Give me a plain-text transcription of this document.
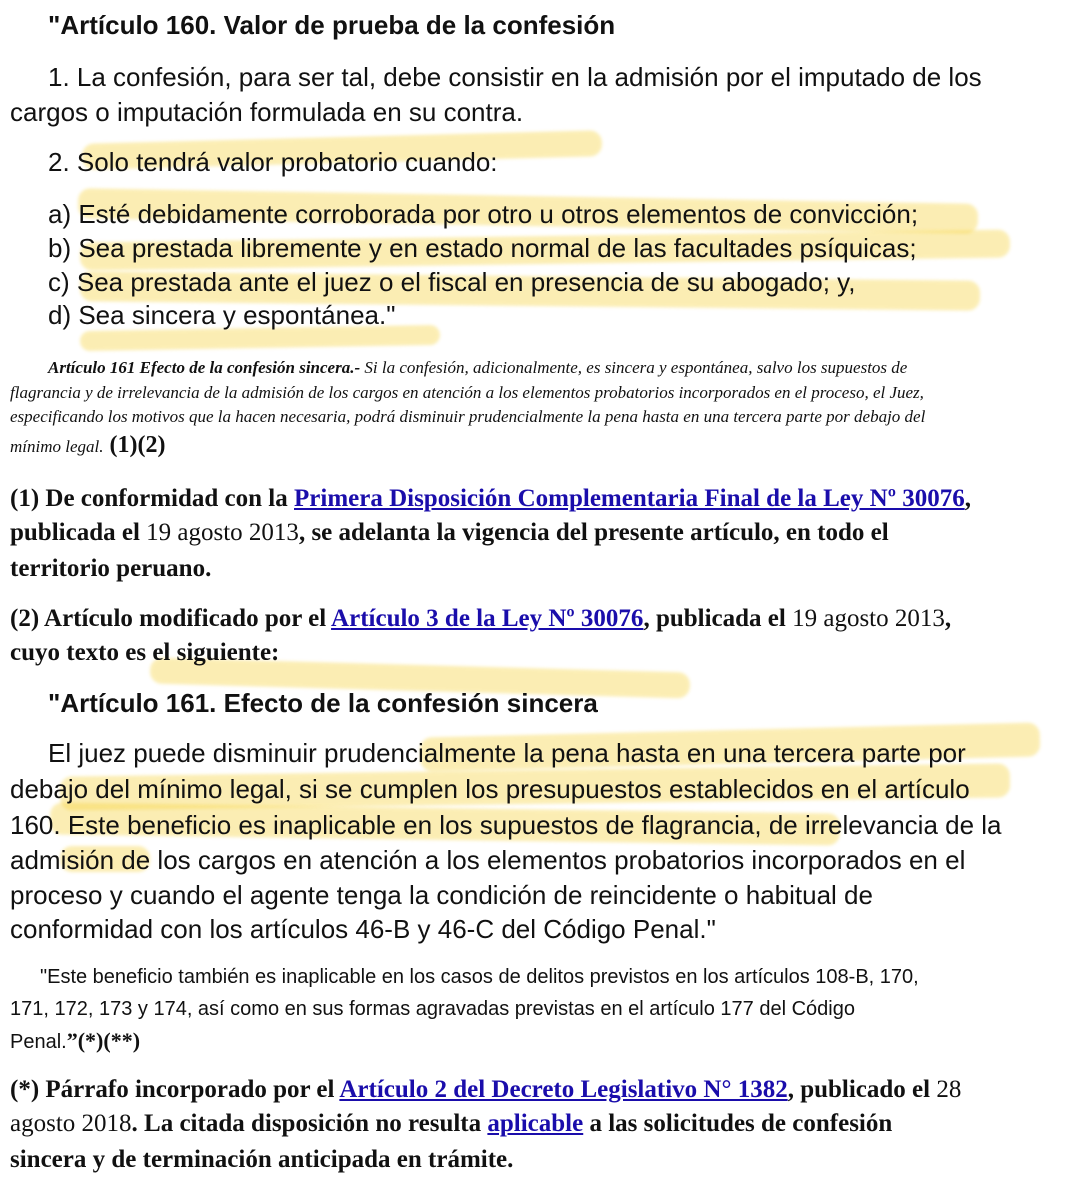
"Artículo 160. Valor de prueba de la confesión
1. La confesión, para ser tal, debe consistir en la admisión por el imputado de los
cargos o imputación formulada en su contra.
2. Solo tendrá valor probatorio cuando:
a) Esté debidamente corroborada por otro u otros elementos de convicción;
b) Sea prestada libremente y en estado normal de las facultades psíquicas;
c) Sea prestada ante el juez o el fiscal en presencia de su abogado; y,
d) Sea sincera y espontánea."
Artículo 161 Efecto de la confesión sincera.- Si la confesión, adicionalmente, es sincera y espontánea, salvo los supuestos de
flagrancia y de irrelevancia de la admisión de los cargos en atención a los elementos probatorios incorporados en el proceso, el Juez,
especificando los motivos que la hacen necesaria, podrá disminuir prudencialmente la pena hasta en una tercera parte por debajo del
mínimo legal. (1)(2)
(1) De conformidad con la Primera Disposición Complementaria Final de la Ley Nº 30076,
publicada el 19 agosto 2013, se adelanta la vigencia del presente artículo, en todo el
territorio peruano.
(2) Artículo modificado por el Artículo 3 de la Ley Nº 30076, publicada el 19 agosto 2013,
cuyo texto es el siguiente:
"Artículo 161. Efecto de la confesión sincera
El juez puede disminuir prudencialmente la pena hasta en una tercera parte por
debajo del mínimo legal, si se cumplen los presupuestos establecidos en el artículo
160. Este beneficio es inaplicable en los supuestos de flagrancia, de irrelevancia de la
admisión de los cargos en atención a los elementos probatorios incorporados en el
proceso y cuando el agente tenga la condición de reincidente o habitual de
conformidad con los artículos 46-B y 46-C del Código Penal."
"Este beneficio también es inaplicable en los casos de delitos previstos en los artículos 108-B, 170,
171, 172, 173 y 174, así como en sus formas agravadas previstas en el artículo 177 del Código
Penal.”(*)(**)
(*) Párrafo incorporado por el Artículo 2 del Decreto Legislativo N° 1382, publicado el 28
agosto 2018. La citada disposición no resulta aplicable a las solicitudes de confesión
sincera y de terminación anticipada en trámite.
